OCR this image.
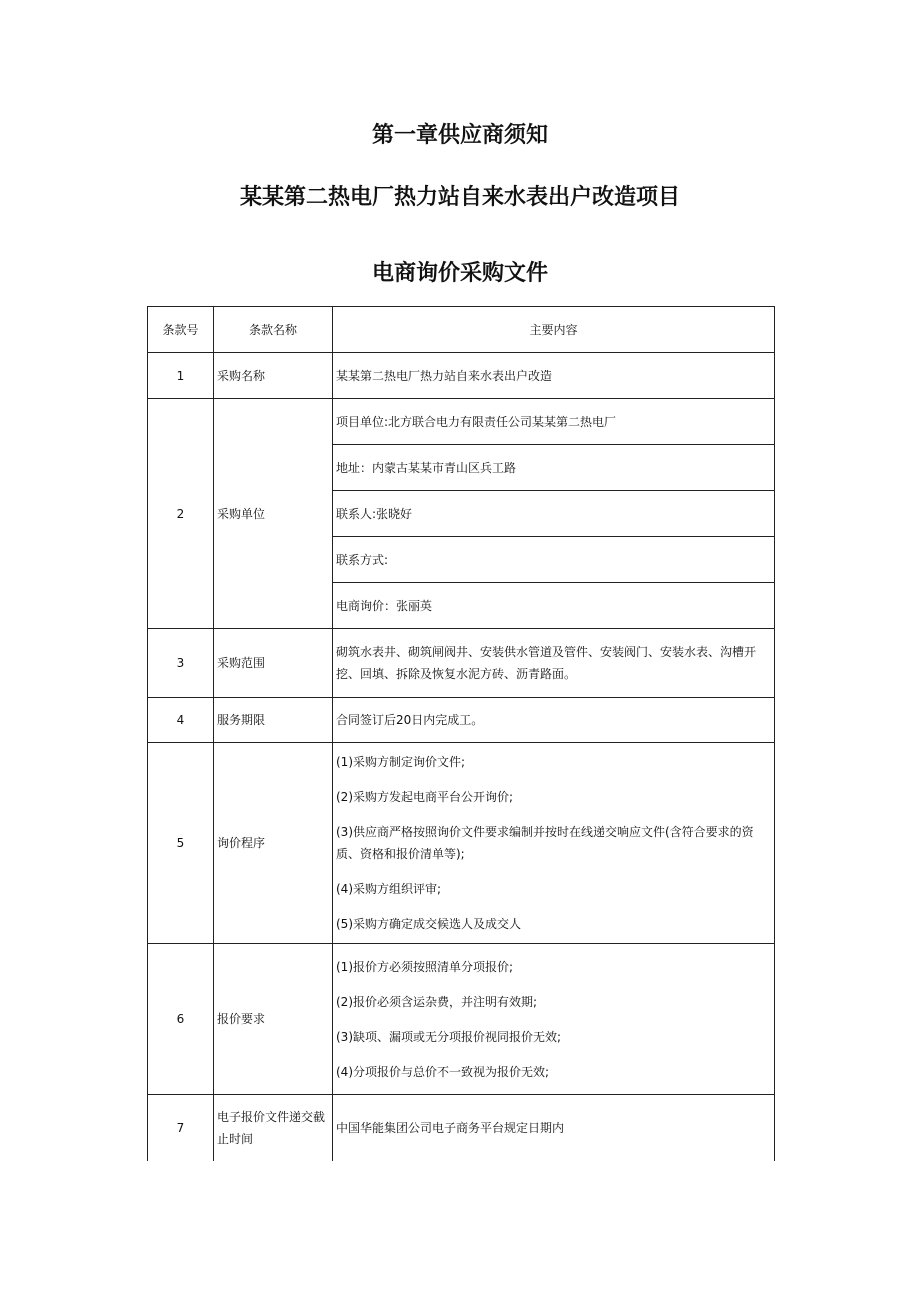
第一章供应商须知
某某第二热电厂热力站自来水表出户改造项目
电商询价采购文件
条款号	条款名称	主要内容
1	采购名称	某某第二热电厂热力站自来水表出户改造
2	采购单位	项目单位:北方联合电力有限责任公司某某第二热电厂
		地址：内蒙古某某市青山区兵工路
		联系人:张晓好
		联系方式:
		电商询价：张丽英
3	采购范围	砌筑水表井、砌筑闸阀井、安装供水管道及管件、安装阀门、安装水表、沟槽开挖、回填、拆除及恢复水泥方砖、沥青路面。
4	服务期限	合同签订后20日内完成工。
5	询价程序	(1)采购方制定询价文件;
(2)采购方发起电商平台公开询价;
(3)供应商严格按照询价文件要求编制并按时在线递交响应文件(含符合要求的资质、资格和报价清单等);
(4)采购方组织评审;
(5)采购方确定成交候选人及成交人

6	报价要求	(1)报价方必须按照清单分项报价;
(2)报价必须含运杂费，并注明有效期;
(3)缺项、漏项或无分项报价视同报价无效;
(4)分项报价与总价不一致视为报价无效;

7	电子报价文件递交截止时间	中国华能集团公司电子商务平台规定日期内
